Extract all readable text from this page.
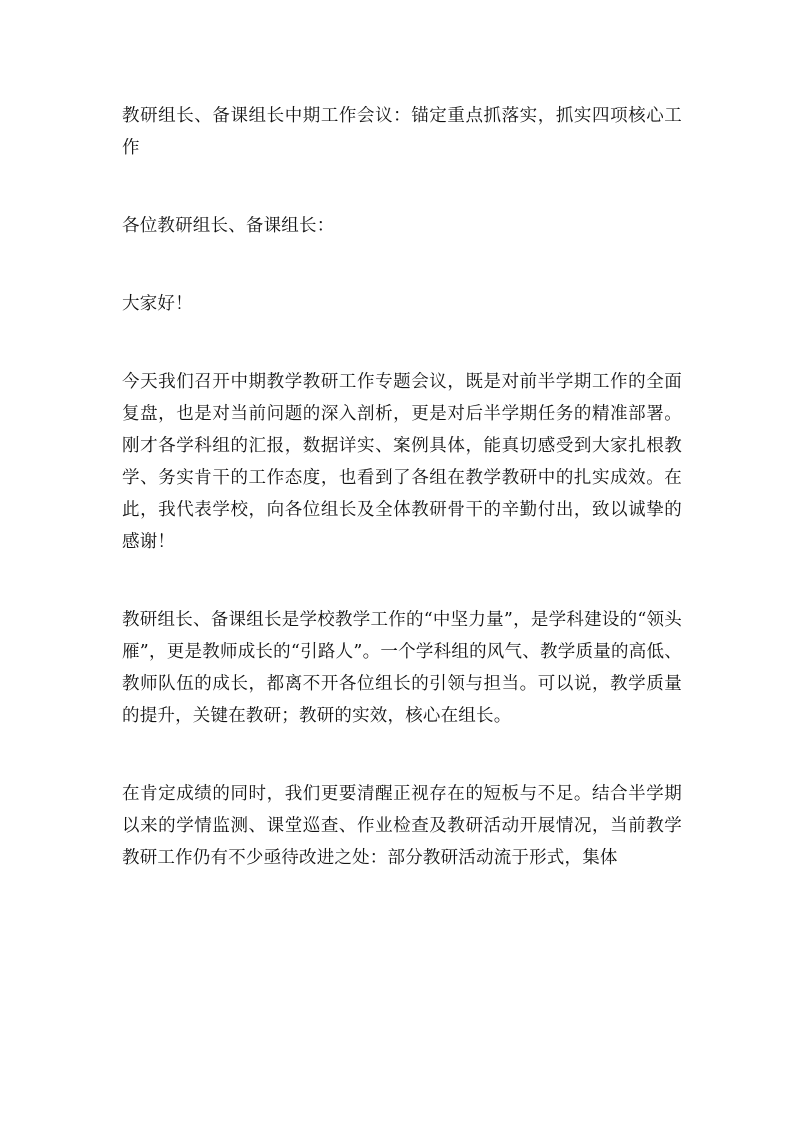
教研组长、备课组长中期工作会议：锚定重点抓落实，抓实四项核心工作

各位教研组长、备课组长：

大家好！

今天我们召开中期教学教研工作专题会议，既是对前半学期工作的全面复盘，也是对当前问题的深入剖析，更是对后半学期任务的精准部署。刚才各学科组的汇报，数据详实、案例具体，能真切感受到大家扎根教学、务实肯干的工作态度，也看到了各组在教学教研中的扎实成效。在此，我代表学校，向各位组长及全体教研骨干的辛勤付出，致以诚挚的感谢！

教研组长、备课组长是学校教学工作的“中坚力量”，是学科建设的“领头雁”，更是教师成长的“引路人”。一个学科组的风气、教学质量的高低、教师队伍的成长，都离不开各位组长的引领与担当。可以说，教学质量的提升，关键在教研；教研的实效，核心在组长。

在肯定成绩的同时，我们更要清醒正视存在的短板与不足。结合半学期以来的学情监测、课堂巡查、作业检查及教研活动开展情况，当前教学教研工作仍有不少亟待改进之处：部分教研活动流于形式，集体
